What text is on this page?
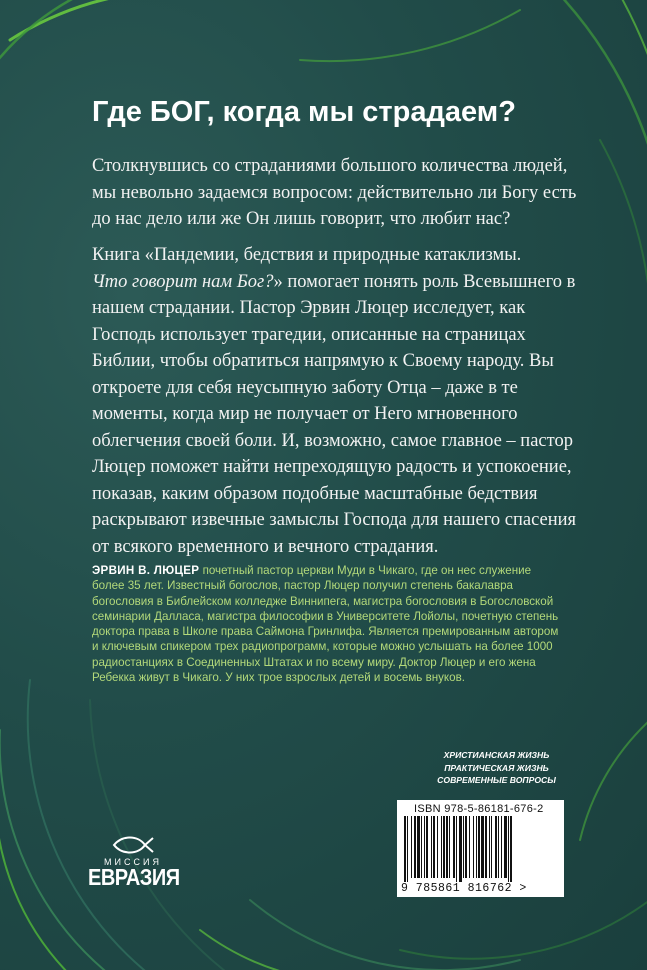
Где БОГ, когда мы страдаем?

Столкнувшись со страданиями большого количества людей, мы невольно задаемся вопросом: действительно ли Богу есть до нас дело или же Он лишь говорит, что любит нас?

Книга «Пандемии, бедствия и природные катаклизмы.
Что говорит нам Бог?» помогает понять роль Всевышнего в нашем страдании. Пастор Эрвин Люцер исследует, как Господь использует трагедии, описанные на страницах Библии, чтобы обратиться напрямую к Своему народу. Вы откроете для себя неусыпную заботу Отца – даже в те моменты, когда мир не получает от Него мгновенного облегчения своей боли. И, возможно, самое главное – пастор Люцер поможет найти непреходящую радость и успокоение, показав, каким образом подобные масштабные бедствия раскрывают извечные замыслы Господа для нашего спасения от всякого временного и вечного страдания.

ЭРВИН В. ЛЮЦЕР почетный пастор церкви Муди в Чикаго, где он нес служение более 35 лет. Известный богослов, пастор Люцер получил степень бакалавра богословия в Библейском колледже Виннипега, магистра богословия в Богословской семинарии Далласа, магистра философии в Университете Лойолы, почетную степень доктора права в Школе права Саймона Гринлифа. Является премированным автором и ключевым спикером трех радиопрограмм, которые можно услышать на более 1000 радиостанциях в Соединенных Штатах и по всему миру. Доктор Люцер и его жена Ребекка живут в Чикаго. У них трое взрослых детей и восемь внуков.

ХРИСТИАНСКАЯ ЖИЗНЬ
ПРАКТИЧЕСКАЯ ЖИЗНЬ
СОВРЕМЕННЫЕ ВОПРОСЫ
ISBN 978-5-86181-676-2
9 785861 816762 >
МИССИЯ
ЕВРАЗИЯ
